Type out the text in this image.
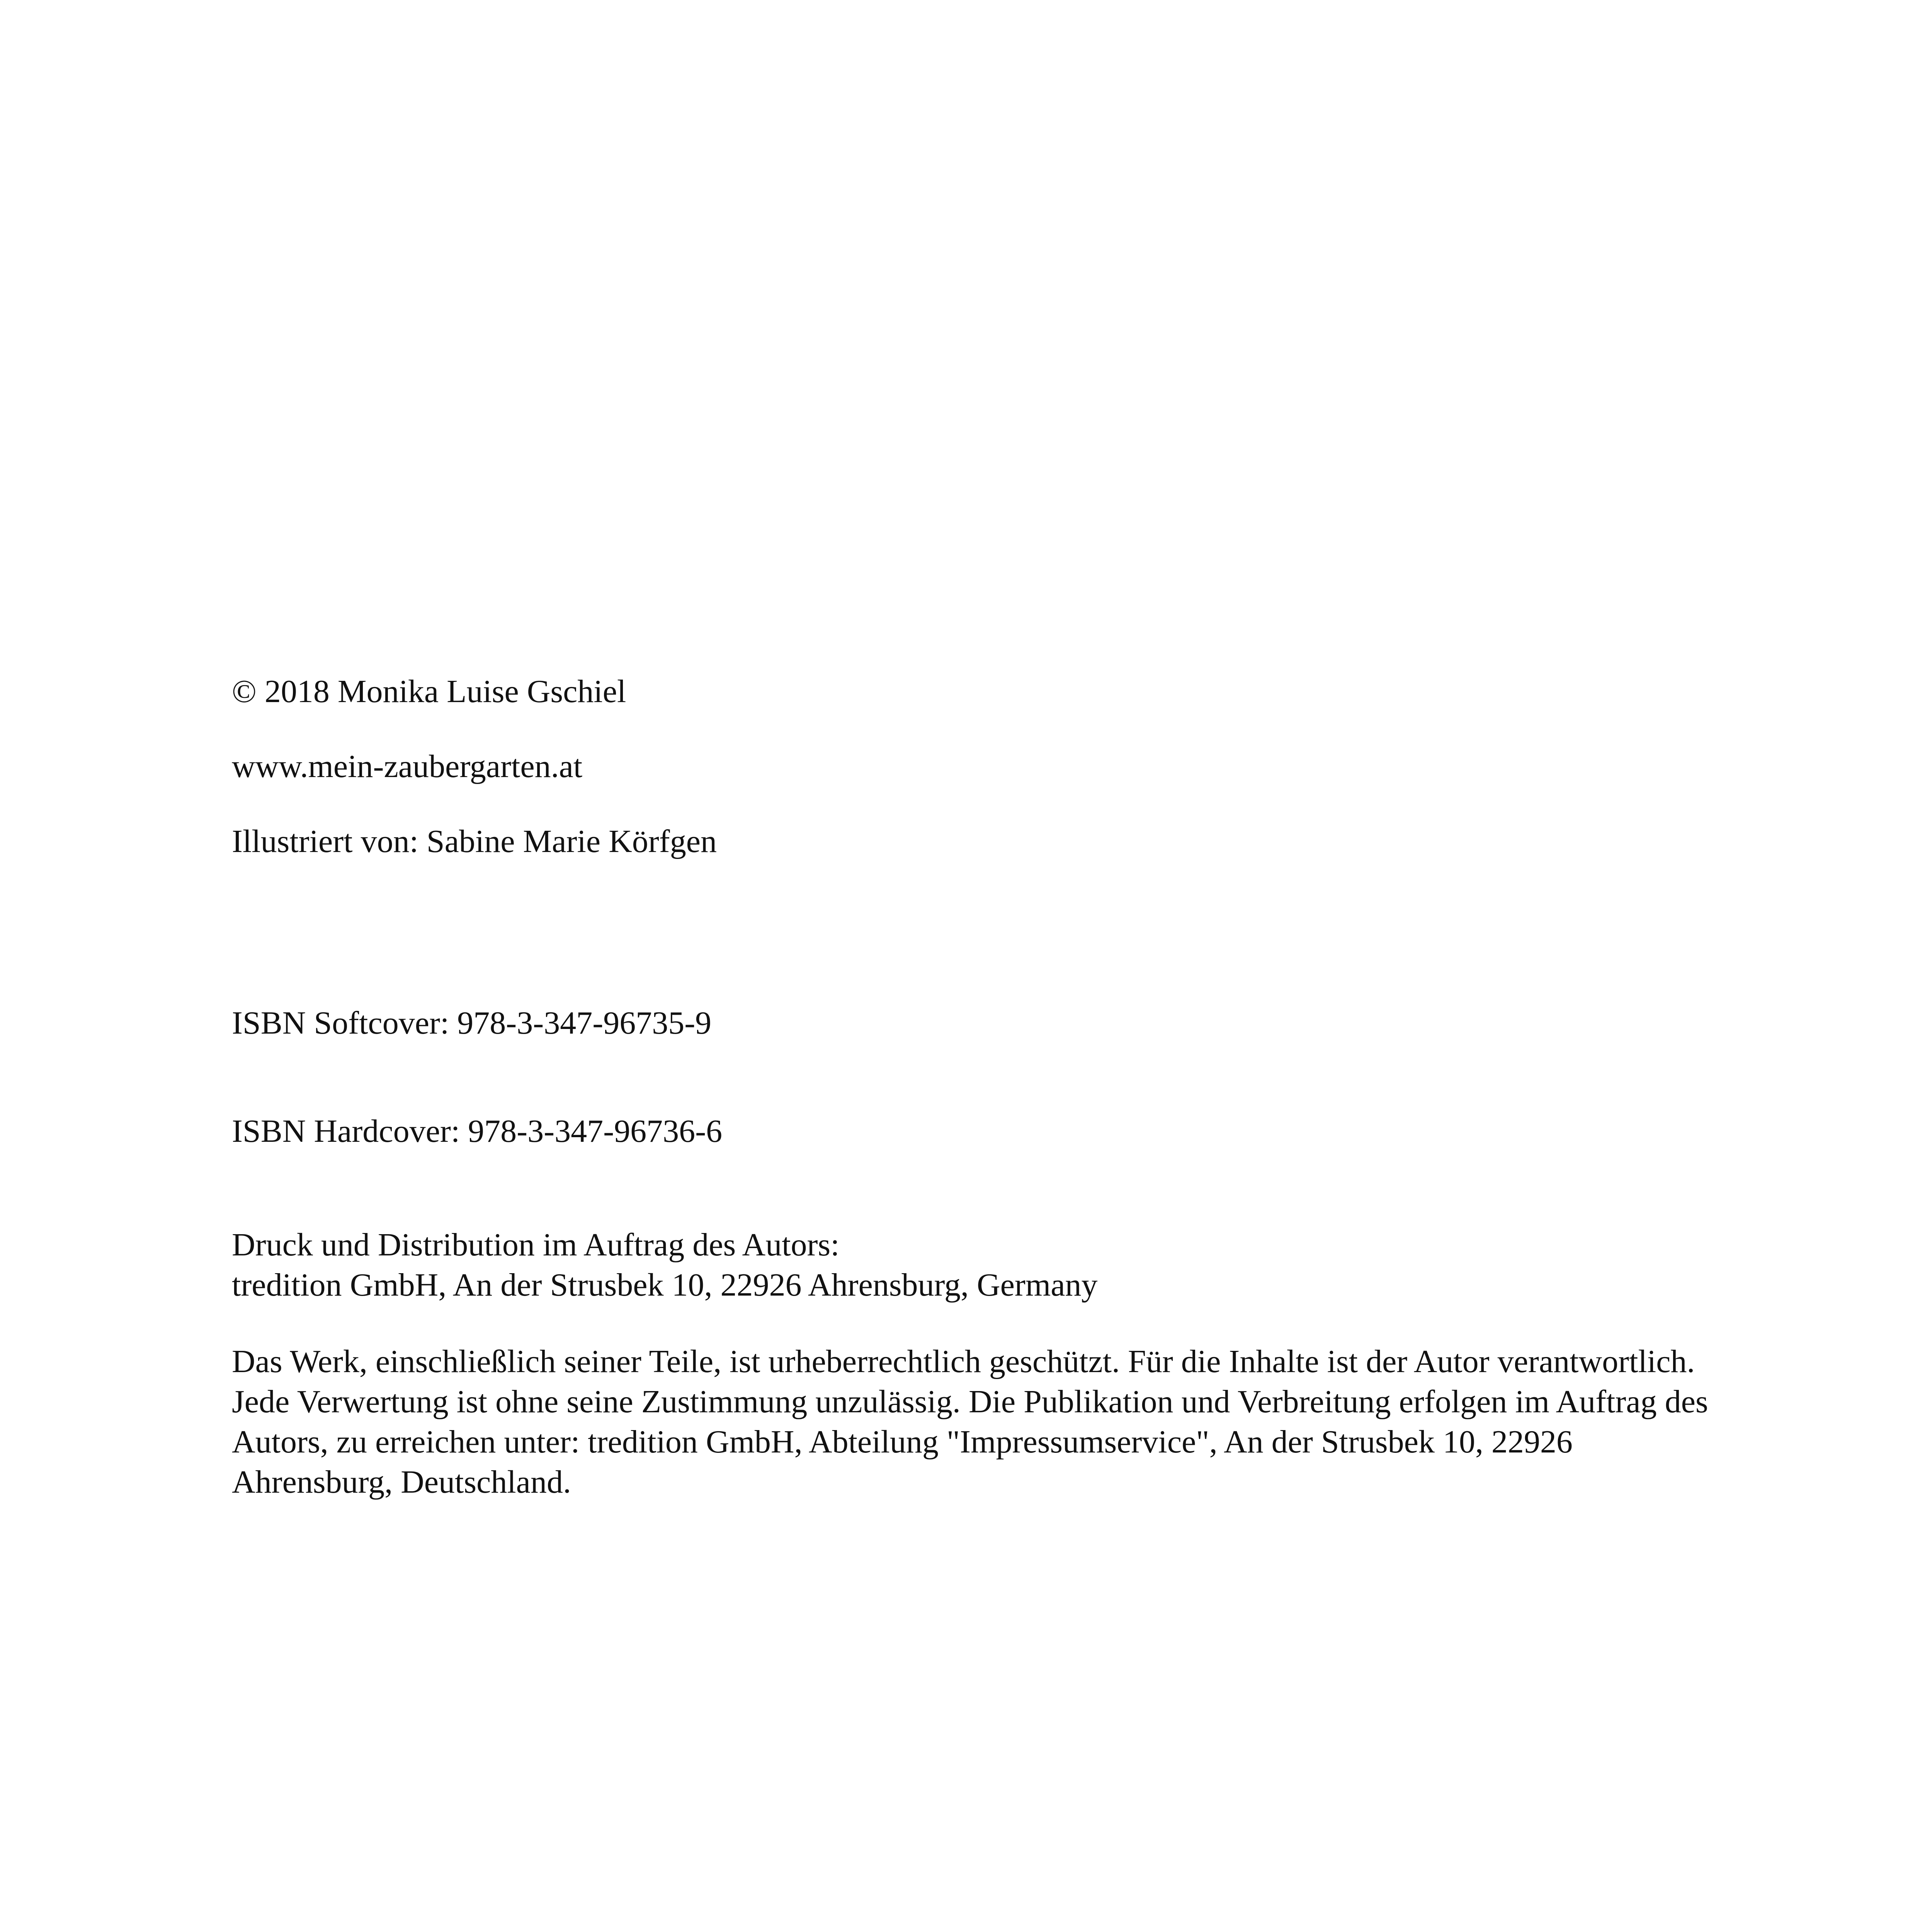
© 2018 Monika Luise Gschiel

www.mein-zaubergarten.at

Illustriert von: Sabine Marie Körfgen

ISBN Softcover: 978-3-347-96735-9

ISBN Hardcover: 978-3-347-96736-6

Druck und Distribution im Auftrag des Autors:
tredition GmbH, An der Strusbek 10, 22926 Ahrensburg, Germany
Das Werk, einschließlich seiner Teile, ist urheberrechtlich geschützt. Für die Inhalte ist der Autor verantwortlich.
Jede Verwertung ist ohne seine Zustimmung unzulässig. Die Publikation und Verbreitung erfolgen im Auftrag des
Autors, zu erreichen unter: tredition GmbH, Abteilung "Impressumservice", An der Strusbek 10, 22926
Ahrensburg, Deutschland.
